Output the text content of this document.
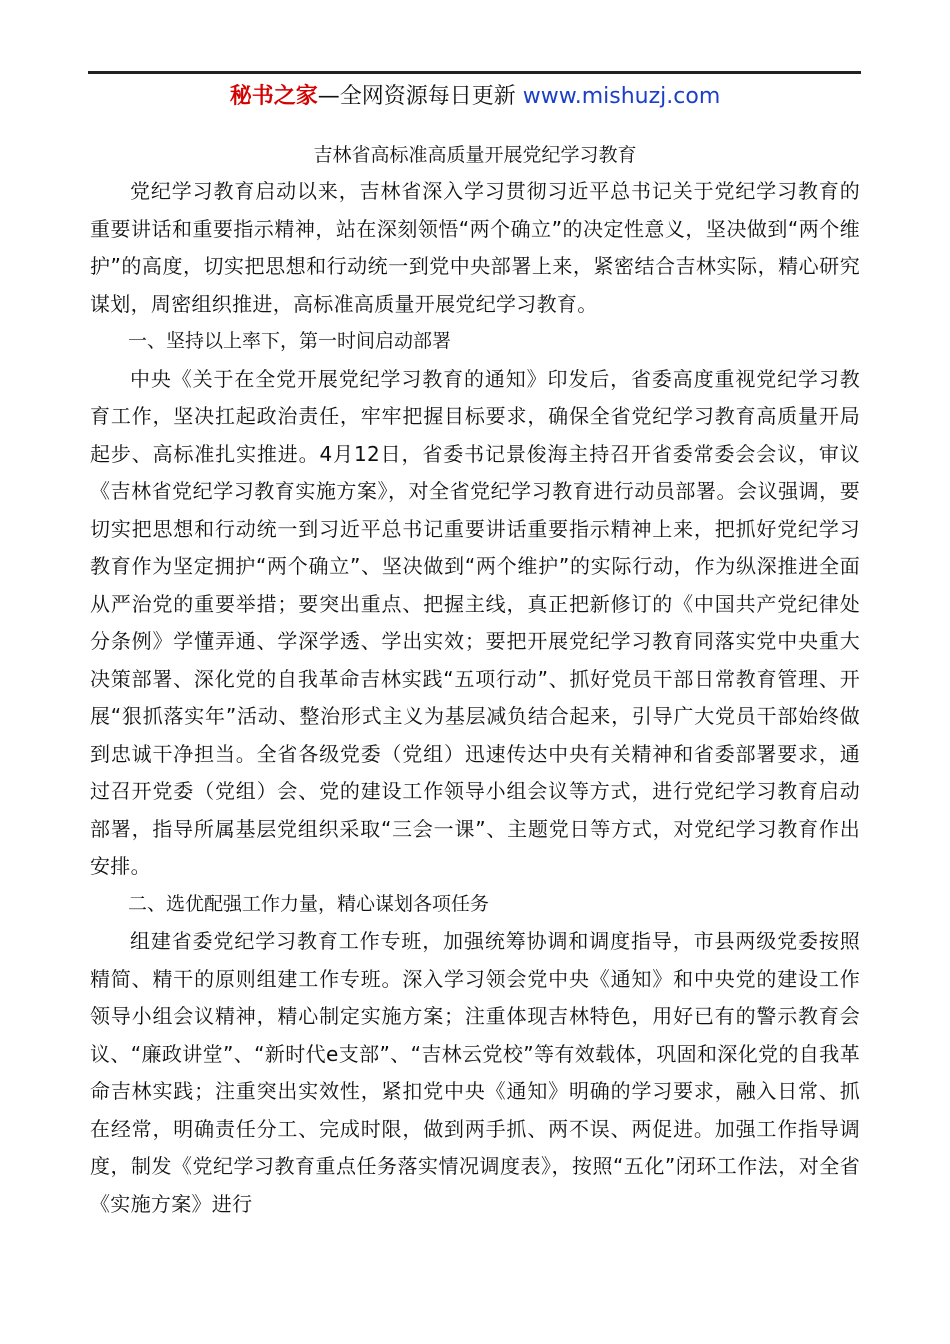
秘书之家—全网资源每日更新 www.mishuzj.com
吉林省高标准高质量开展党纪学习教育

党纪学习教育启动以来，吉林省深入学习贯彻习近平总书记关于党纪学习教育的重要讲话和重要指示精神，站在深刻领悟“两个确立”的决定性意义，坚决做到“两个维护”的高度，切实把思想和行动统一到党中央部署上来，紧密结合吉林实际，精心研究谋划，周密组织推进，高标准高质量开展党纪学习教育。

一、坚持以上率下，第一时间启动部署

中央《关于在全党开展党纪学习教育的通知》印发后，省委高度重视党纪学习教育工作，坚决扛起政治责任，牢牢把握目标要求，确保全省党纪学习教育高质量开局起步、高标准扎实推进。4月12日，省委书记景俊海主持召开省委常委会会议，审议《吉林省党纪学习教育实施方案》，对全省党纪学习教育进行动员部署。会议强调，要切实把思想和行动统一到习近平总书记重要讲话重要指示精神上来，把抓好党纪学习教育作为坚定拥护“两个确立”、坚决做到“两个维护”的实际行动，作为纵深推进全面从严治党的重要举措；要突出重点、把握主线，真正把新修订的《中国共产党纪律处分条例》学懂弄通、学深学透、学出实效；要把开展党纪学习教育同落实党中央重大决策部署、深化党的自我革命吉林实践“五项行动”、抓好党员干部日常教育管理、开展“狠抓落实年”活动、整治形式主义为基层减负结合起来，引导广大党员干部始终做到忠诚干净担当。全省各级党委（党组）迅速传达中央有关精神和省委部署要求，通过召开党委（党组）会、党的建设工作领导小组会议等方式，进行党纪学习教育启动部署，指导所属基层党组织采取“三会一课”、主题党日等方式，对党纪学习教育作出安排。

二、选优配强工作力量，精心谋划各项任务

组建省委党纪学习教育工作专班，加强统筹协调和调度指导，市县两级党委按照精简、精干的原则组建工作专班。深入学习领会党中央《通知》和中央党的建设工作领导小组会议精神，精心制定实施方案；注重体现吉林特色，用好已有的警示教育会议、“廉政讲堂”、“新时代e支部”、“吉林云党校”等有效载体，巩固和深化党的自我革命吉林实践；注重突出实效性，紧扣党中央《通知》明确的学习要求，融入日常、抓在经常，明确责任分工、完成时限，做到两手抓、两不误、两促进。加强工作指导调度，制发《党纪学习教育重点任务落实情况调度表》，按照“五化”闭环工作法，对全省《实施方案》进行
